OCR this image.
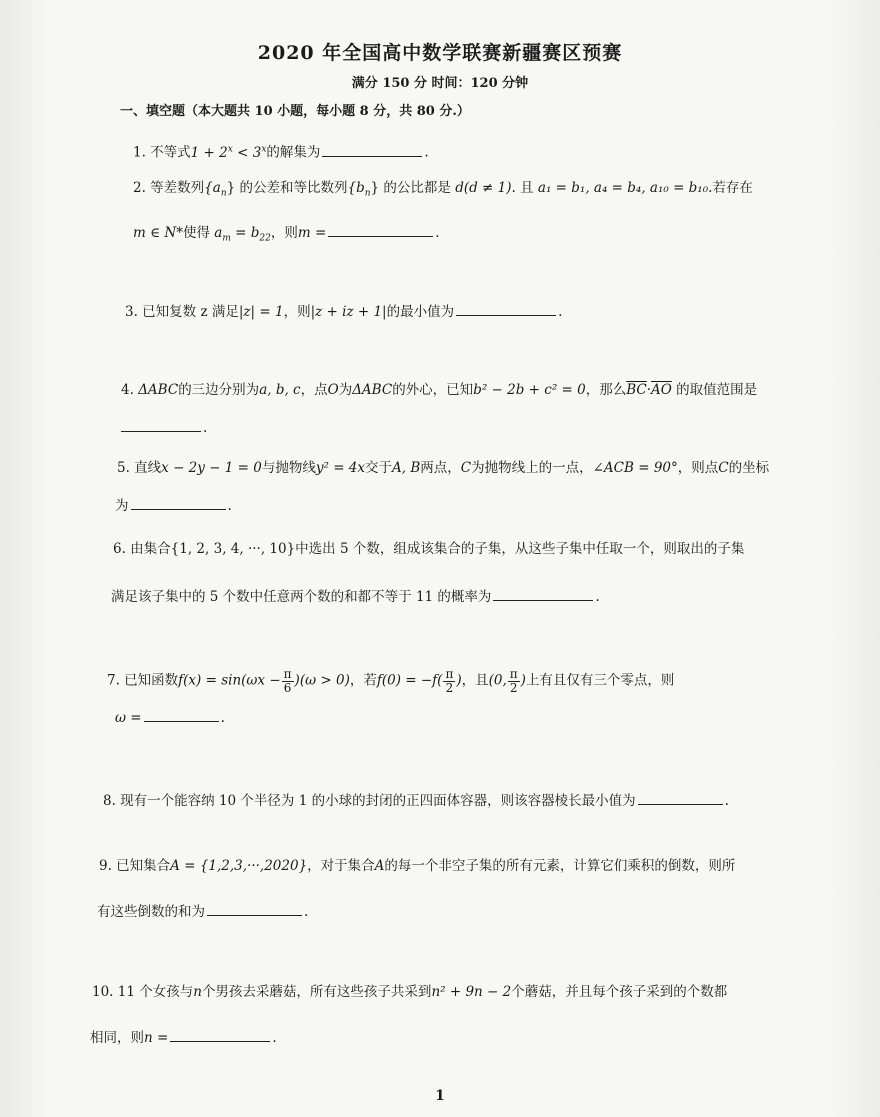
2020 年全国高中数学联赛新疆赛区预赛
满分 150 分 时间：120 分钟
一、填空题（本大题共 10 小题，每小题 8 分，共 80 分.）
1. 不等式$1 + 2^x < 3^x$的解集为	.
2. 等差数列$\{a_n\}$ 的公差和等比数列$\{b_n\}$ 的公比都是 d(d ≠ 1). 且 a₁ = b₁, a₄ = b₄, a₁₀ = b₁₀.若存在
m ∈ N*使得 $a_m = b_{22}$，则m =	.
3. 已知复数 z 满足|z| = 1，则|z + iz + 1|的最小值为	.
4. ΔABC的三边分别为a, b, c，点O为ΔABC的外心，已知b² − 2b + c² = 0，那么$\overline{BC}\cdot\overline{AO}$ 的取值范围是
.
5. 直线x − 2y − 1 = 0与抛物线y² = 4x交于A, B两点，C为抛物线上的一点，∠ACB = 90°，则点C的坐标
为	.
6. 由集合{1, 2, 3, 4, ···, 10}中选出 5 个数，组成该集合的子集，从这些子集中任取一个，则取出的子集
满足该子集中的 5 个数中任意两个数的和都不等于 11 的概率为	.
7. 已知函数$f(x) = \sin(\omega x - \frac{\pi}{6} )(\omega > 0)$，若$f(0) = -f( \frac{\pi}{2}$ )，且(0, $\frac{\pi}{2}$ )上有且仅有三个零点，则
ω =	.
8. 现有一个能容纳 10 个半径为 1 的小球的封闭的正四面体容器，则该容器棱长最小值为	.
9. 已知集合A = {1,2,3,···,2020}，对于集合A的每一个非空子集的所有元素，计算它们乘积的倒数，则所
有这些倒数的和为	.
10. 11 个女孩与n个男孩去采蘑菇，所有这些孩子共采到n² + 9n − 2个蘑菇，并且每个孩子采到的个数都
相同，则n =	.
1
